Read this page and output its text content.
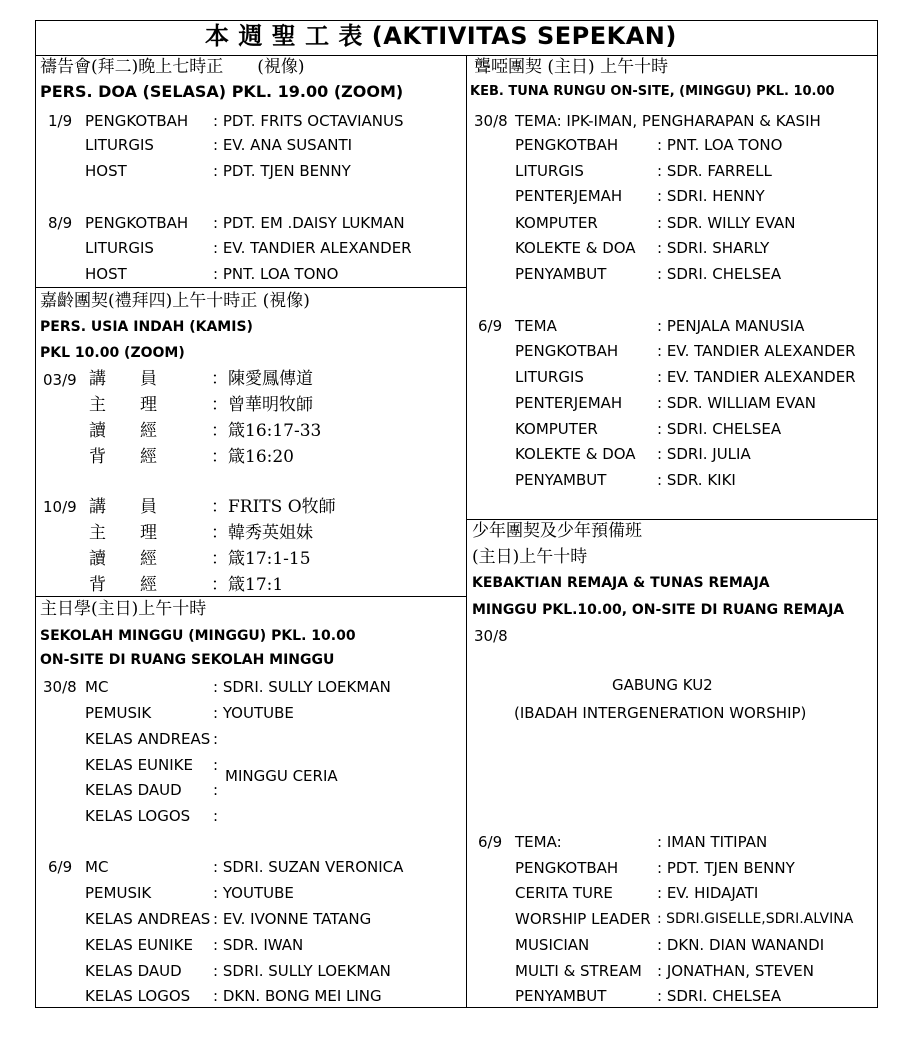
本 週 聖 工 表 (AKTIVITAS SEPEKAN)
禱告會(拜二)晚上七時正　　(視像)
PERS. DOA (SELASA) PKL. 19.00 (ZOOM)
1/9 PENGKOTBAH : PDT. FRITS OCTAVIANUS
LITURGIS	: EV. ANA SUSANTI
HOST	: PDT. TJEN BENNY
8/9 PENGKOTBAH : PDT. EM .DAISY LUKMAN
LITURGIS	: EV. TANDIER ALEXANDER
HOST	: PNT. LOA TONO
嘉齡團契(禮拜四)上午十時正 (視像)
PERS. USIA INDAH (KAMIS)
PKL 10.00 (ZOOM)
03/9 講　　員	：陳愛鳳傳道
主　　理	：曾華明牧師
讀　　經	：箴16:17-33
背　　經	：箴16:20
10/9 講　　員	：FRITS O牧師
主　　理	：韓秀英姐妹
讀　　經	：箴17:1-15
背　　經	：箴17:1
主日學(主日)上午十時
SEKOLAH MINGGU (MINGGU) PKL. 10.00
ON-SITE DI RUANG SEKOLAH MINGGU
30/8 MC	: SDRI. SULLY LOEKMAN
PEMUSIK	: YOUTUBE
KELAS ANDREAS :
KELAS EUNIKE :
KELAS DAUD :
KELAS LOGOS :
MINGGU CERIA
6/9 MC	: SDRI. SUZAN VERONICA
PEMUSIK	: YOUTUBE
KELAS ANDREAS : EV. IVONNE TATANG
KELAS EUNIKE : SDR. IWAN
KELAS DAUD : SDRI. SULLY LOEKMAN
KELAS LOGOS : DKN. BONG MEI LING
聾啞團契 (主日) 上午十時
KEB. TUNA RUNGU ON-SITE, (MINGGU) PKL. 10.00
30/8 TEMA: IPK-IMAN, PENGHARAPAN & KASIH
PENGKOTBAH	: PNT. LOA TONO
LITURGIS	: SDR. FARRELL
PENTERJEMAH : SDRI. HENNY
KOMPUTER	: SDR. WILLY EVAN
KOLEKTE & DOA : SDRI. SHARLY
PENYAMBUT	: SDRI. CHELSEA
6/9 TEMA	: PENJALA MANUSIA
PENGKOTBAH	: EV. TANDIER ALEXANDER
LITURGIS	: EV. TANDIER ALEXANDER
PENTERJEMAH : SDR. WILLIAM EVAN
KOMPUTER	: SDRI. CHELSEA
KOLEKTE & DOA : SDRI. JULIA
PENYAMBUT	: SDR. KIKI
少年團契及少年預備班
(主日)上午十時
KEBAKTIAN REMAJA & TUNAS REMAJA
MINGGU PKL.10.00, ON-SITE DI RUANG REMAJA
30/8
GABUNG KU2
(IBADAH INTERGENERATION WORSHIP)
6/9 TEMA:	: IMAN TITIPAN
PENGKOTBAH	: PDT. TJEN BENNY
CERITA TURE	: EV. HIDAJATI
WORSHIP LEADER : SDRI.GISELLE,SDRI.ALVINA
MUSICIAN	: DKN. DIAN WANANDI
MULTI & STREAM : JONATHAN, STEVEN
PENYAMBUT	: SDRI. CHELSEA
